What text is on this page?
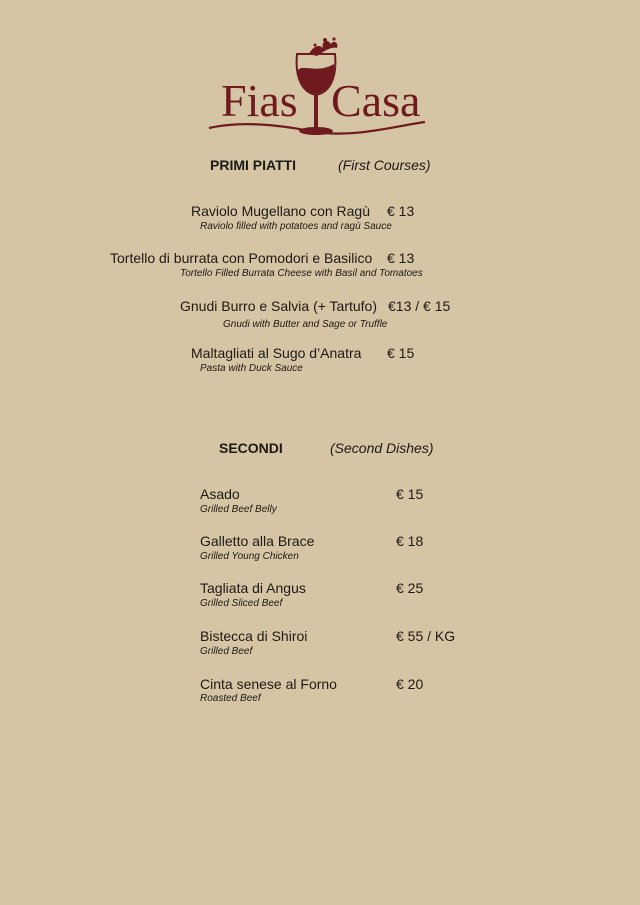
Fias Casa
PRIMI PIATTI	(First Courses)
Raviolo Mugellano con Ragù € 13
Raviolo filled with potatoes and ragù Sauce
Tortello di burrata con Pomodori e Basilico € 13
Tortello Filled Burrata Cheese with Basil and Tomatoes
Gnudi Burro e Salvia (+ Tartufo) €13 / € 15
Gnudi with Butter and Sage or Truffle
Maltagliati al Sugo d’Anatra € 15
Pasta with Duck Sauce
SECONDI	(Second Dishes)
Asado	€ 15
Grilled Beef Belly
Galletto alla Brace	€ 18
Grilled Young Chicken
Tagliata di Angus	€ 25
Grilled Sliced Beef
Bistecca di Shiroi	€ 55 / KG
Grilled Beef
Cinta senese al Forno	€ 20
Roasted Beef
